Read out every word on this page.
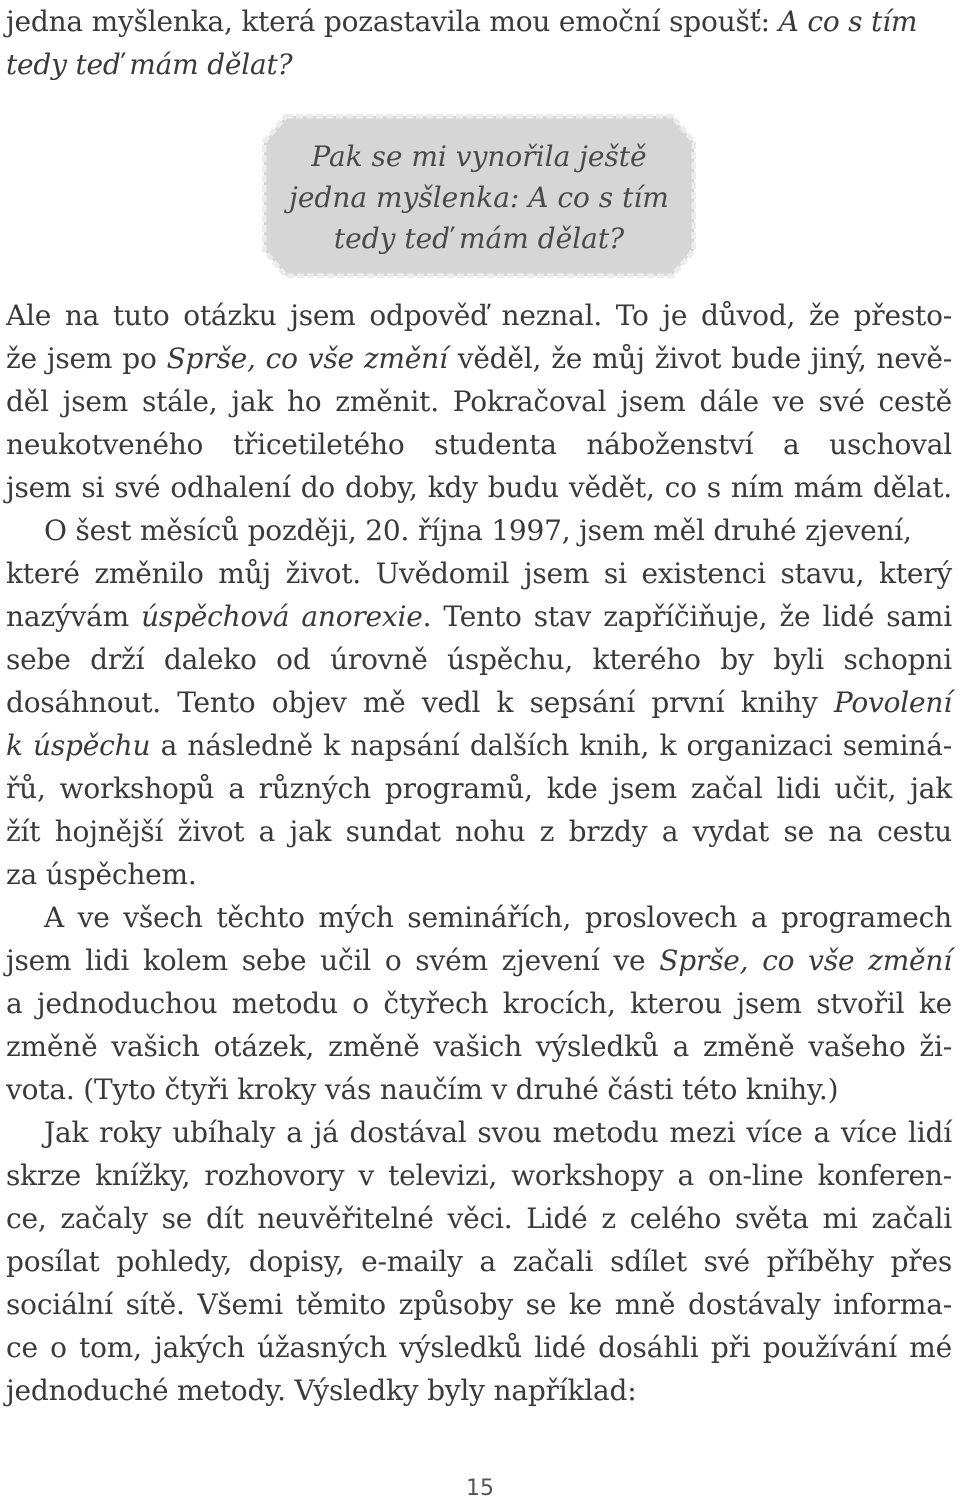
jedna myšlenka, která pozastavila mou emoční spoušť: A co s tím
tedy teď mám dělat?
Pak se mi vynořila ještě
jedna myšlenka: A co s tím
tedy teď mám dělat?
Ale na tuto otázku jsem odpověď neznal. To je důvod, že přesto-
že jsem po Sprše, co vše změní věděl, že můj život bude jiný, nevě-
děl jsem stále, jak ho změnit. Pokračoval jsem dále ve své cestě
neukotveného třicetiletého studenta náboženství a uschoval
jsem si své odhalení do doby, kdy budu vědět, co s ním mám dělat.
O šest měsíců později, 20. října 1997, jsem měl druhé zjevení,
které změnilo můj život. Uvědomil jsem si existenci stavu, který
nazývám úspěchová anorexie. Tento stav zapříčiňuje, že lidé sami
sebe drží daleko od úrovně úspěchu, kterého by byli schopni
dosáhnout. Tento objev mě vedl k sepsání první knihy Povolení
k úspěchu a následně k napsání dalších knih, k organizaci seminá-
řů, workshopů a různých programů, kde jsem začal lidi učit, jak
žít hojnější život a jak sundat nohu z brzdy a vydat se na cestu
za úspěchem.
A ve všech těchto mých seminářích, proslovech a programech
jsem lidi kolem sebe učil o svém zjevení ve Sprše, co vše změní
a jednoduchou metodu o čtyřech krocích, kterou jsem stvořil ke
změně vašich otázek, změně vašich výsledků a změně vašeho ži-
vota. (Tyto čtyři kroky vás naučím v druhé části této knihy.)
Jak roky ubíhaly a já dostával svou metodu mezi více a více lidí
skrze knížky, rozhovory v televizi, workshopy a on-line konferen-
ce, začaly se dít neuvěřitelné věci. Lidé z celého světa mi začali
posílat pohledy, dopisy, e-maily a začali sdílet své příběhy přes
sociální sítě. Všemi těmito způsoby se ke mně dostávaly informa-
ce o tom, jakých úžasných výsledků lidé dosáhli při používání mé
jednoduché metody. Výsledky byly například:
15
